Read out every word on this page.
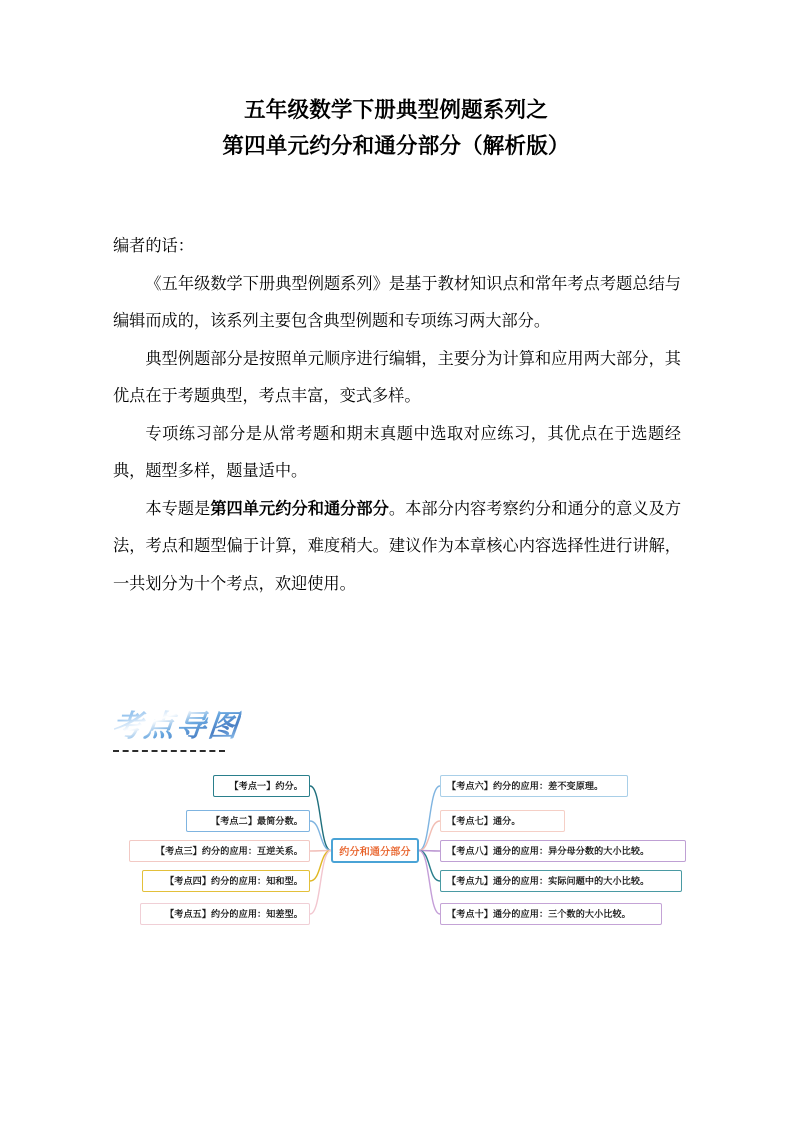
五年级数学下册典型例题系列之
第四单元约分和通分部分（解析版）

编者的话：

《五年级数学下册典型例题系列》是基于教材知识点和常年考点考题总结与编辑而成的，该系列主要包含典型例题和专项练习两大部分。

典型例题部分是按照单元顺序进行编辑，主要分为计算和应用两大部分，其优点在于考题典型，考点丰富，变式多样。

专项练习部分是从常考题和期末真题中选取对应练习，其优点在于选题经典，题型多样，题量适中。

本专题是第四单元约分和通分部分。本部分内容考察约分和通分的意义及方法，考点和题型偏于计算，难度稍大。建议作为本章核心内容选择性进行讲解，一共划分为十个考点，欢迎使用。

考点导图
约分和通分部分
【考点一】约分。
【考点二】最简分数。
【考点三】约分的应用：互逆关系。
【考点四】约分的应用：知和型。
【考点五】约分的应用：知差型。
【考点六】约分的应用：差不变原理。
【考点七】通分。
【考点八】通分的应用：异分母分数的大小比较。
【考点九】通分的应用：实际问题中的大小比较。
【考点十】通分的应用：三个数的大小比较。
